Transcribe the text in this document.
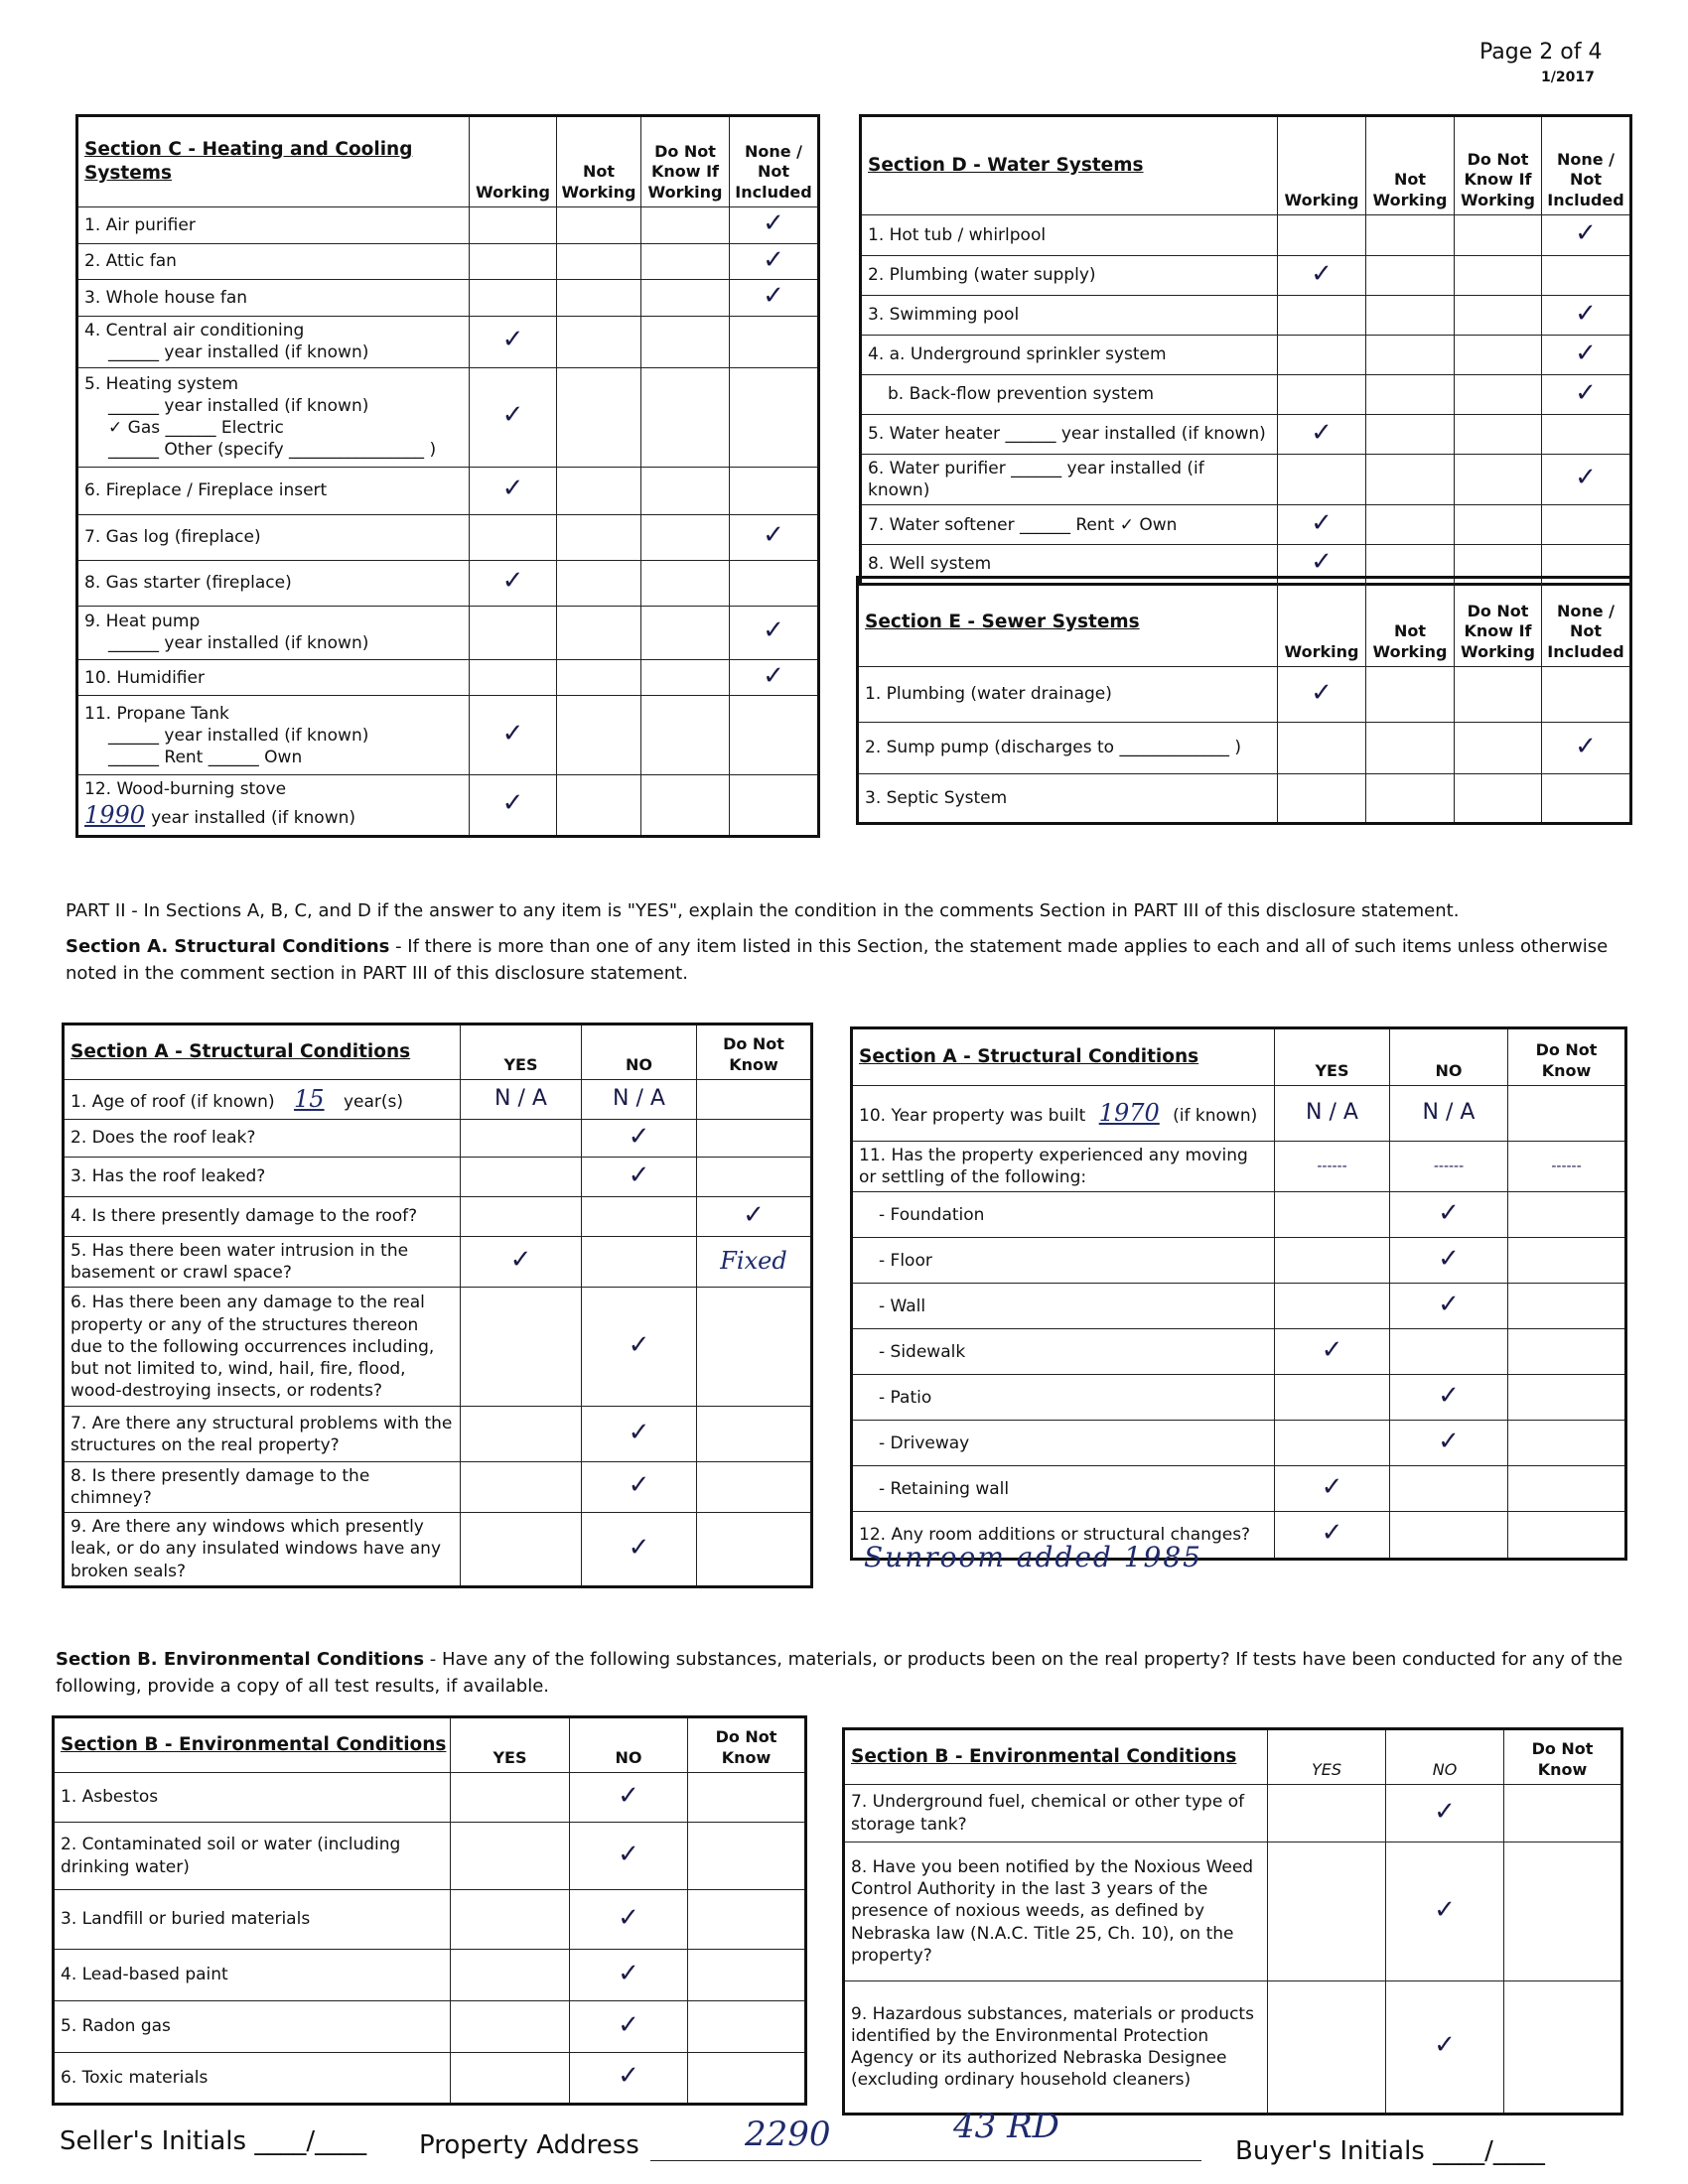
Page 2 of 4
1/2017
Section C - Heating and Cooling Systems	Working	Not Working	Do Not Know If Working	None / Not Included

1. Air purifier				✓

2. Attic fan				✓

3. Whole house fan				✓

4. Central air conditioning
______ year installed (if known)	✓			

5. Heating system
______ year installed (if known)
✓ Gas ______ Electric
______ Other (specify ________________ )	✓			

6. Fireplace / Fireplace insert	✓			

7. Gas log (fireplace)				✓

8. Gas starter (fireplace)	✓			

9. Heat pump
______ year installed (if known)				✓

10. Humidifier				✓

11. Propane Tank
______ year installed (if known)
______ Rent ______ Own	✓			

12. Wood-burning stove
1990 year installed (if known)	✓			
Section D - Water Systems	Working	Not Working	Do Not Know If Working	None / Not Included

1. Hot tub / whirlpool				✓

2. Plumbing (water supply)	✓			

3. Swimming pool				✓

4. a. Underground sprinkler system				✓

b. Back-flow prevention system				✓

5. Water heater ______ year installed (if known)	✓			

6. Water purifier ______ year installed (if known)				✓

7. Water softener ______ Rent ✓ Own	✓			

8. Well system	✓			
Section E - Sewer Systems	Working	Not Working	Do Not Know If Working	None / Not Included

1. Plumbing (water drainage)	✓			

2. Sump pump (discharges to _____________ )				✓

3. Septic System				

PART II - In Sections A, B, C, and D if the answer to any item is "YES", explain the condition in the comments Section in PART III of this disclosure statement.
Section A. Structural Conditions - If there is more than one of any item listed in this Section, the statement made applies to each and all of such items unless otherwise noted in the comment section in PART III of this disclosure statement.
Section A - Structural Conditions	YES	NO	Do Not Know
1. Age of roof (if known) 15 year(s)	N / A	N / A	

2. Does the roof leak?		✓	

3. Has the roof leaked?		✓	

4. Is there presently damage to the roof?			✓

5. Has there been water intrusion in the basement or crawl space?	✓		Fixed

6. Has there been any damage to the real property or any of the structures thereon due to the following occurrences including, but not limited to, wind, hail, fire, flood, wood-destroying insects, or rodents?		✓	

7. Are there any structural problems with the structures on the real property?		✓	

8. Is there presently damage to the chimney?		✓	

9. Are there any windows which presently leak, or do any insulated windows have any broken seals?		✓	
Section A - Structural Conditions	YES	NO	Do Not Know
10. Year property was built 1970 (if known)	N / A	N / A	
11. Has the property experienced any moving or settling of the following:	------	------	------

- Foundation		✓	

- Floor		✓	

- Wall		✓	

- Sidewalk	✓		

- Patio		✓	

- Driveway		✓	

- Retaining wall	✓		

12. Any room additions or structural changes?	✓		
Sunroom added 1985
Section B. Environmental Conditions - Have any of the following substances, materials, or products been on the real property? If tests have been conducted for any of the following, provide a copy of all test results, if available.
Section B - Environmental Conditions	YES	NO	Do Not Know

1. Asbestos		✓	

2. Contaminated soil or water (including drinking water)		✓	

3. Landfill or buried materials		✓	

4. Lead-based paint		✓	

5. Radon gas		✓	

6. Toxic materials		✓	
Section B - Environmental Conditions	YES	NO	Do Not Know

7. Underground fuel, chemical or other type of storage tank?		✓	

8. Have you been notified by the Noxious Weed Control Authority in the last 3 years of the presence of noxious weeds, as defined by Nebraska law (N.A.C. Title 25, Ch. 10), on the property?		✓	

9. Hazardous substances, materials or products identified by the Environmental Protection Agency or its authorized Nebraska Designee (excluding ordinary household cleaners)		✓	
Seller's Initials ____/____ Property Address	2290	43 RD
Buyer's Initials ____/____
